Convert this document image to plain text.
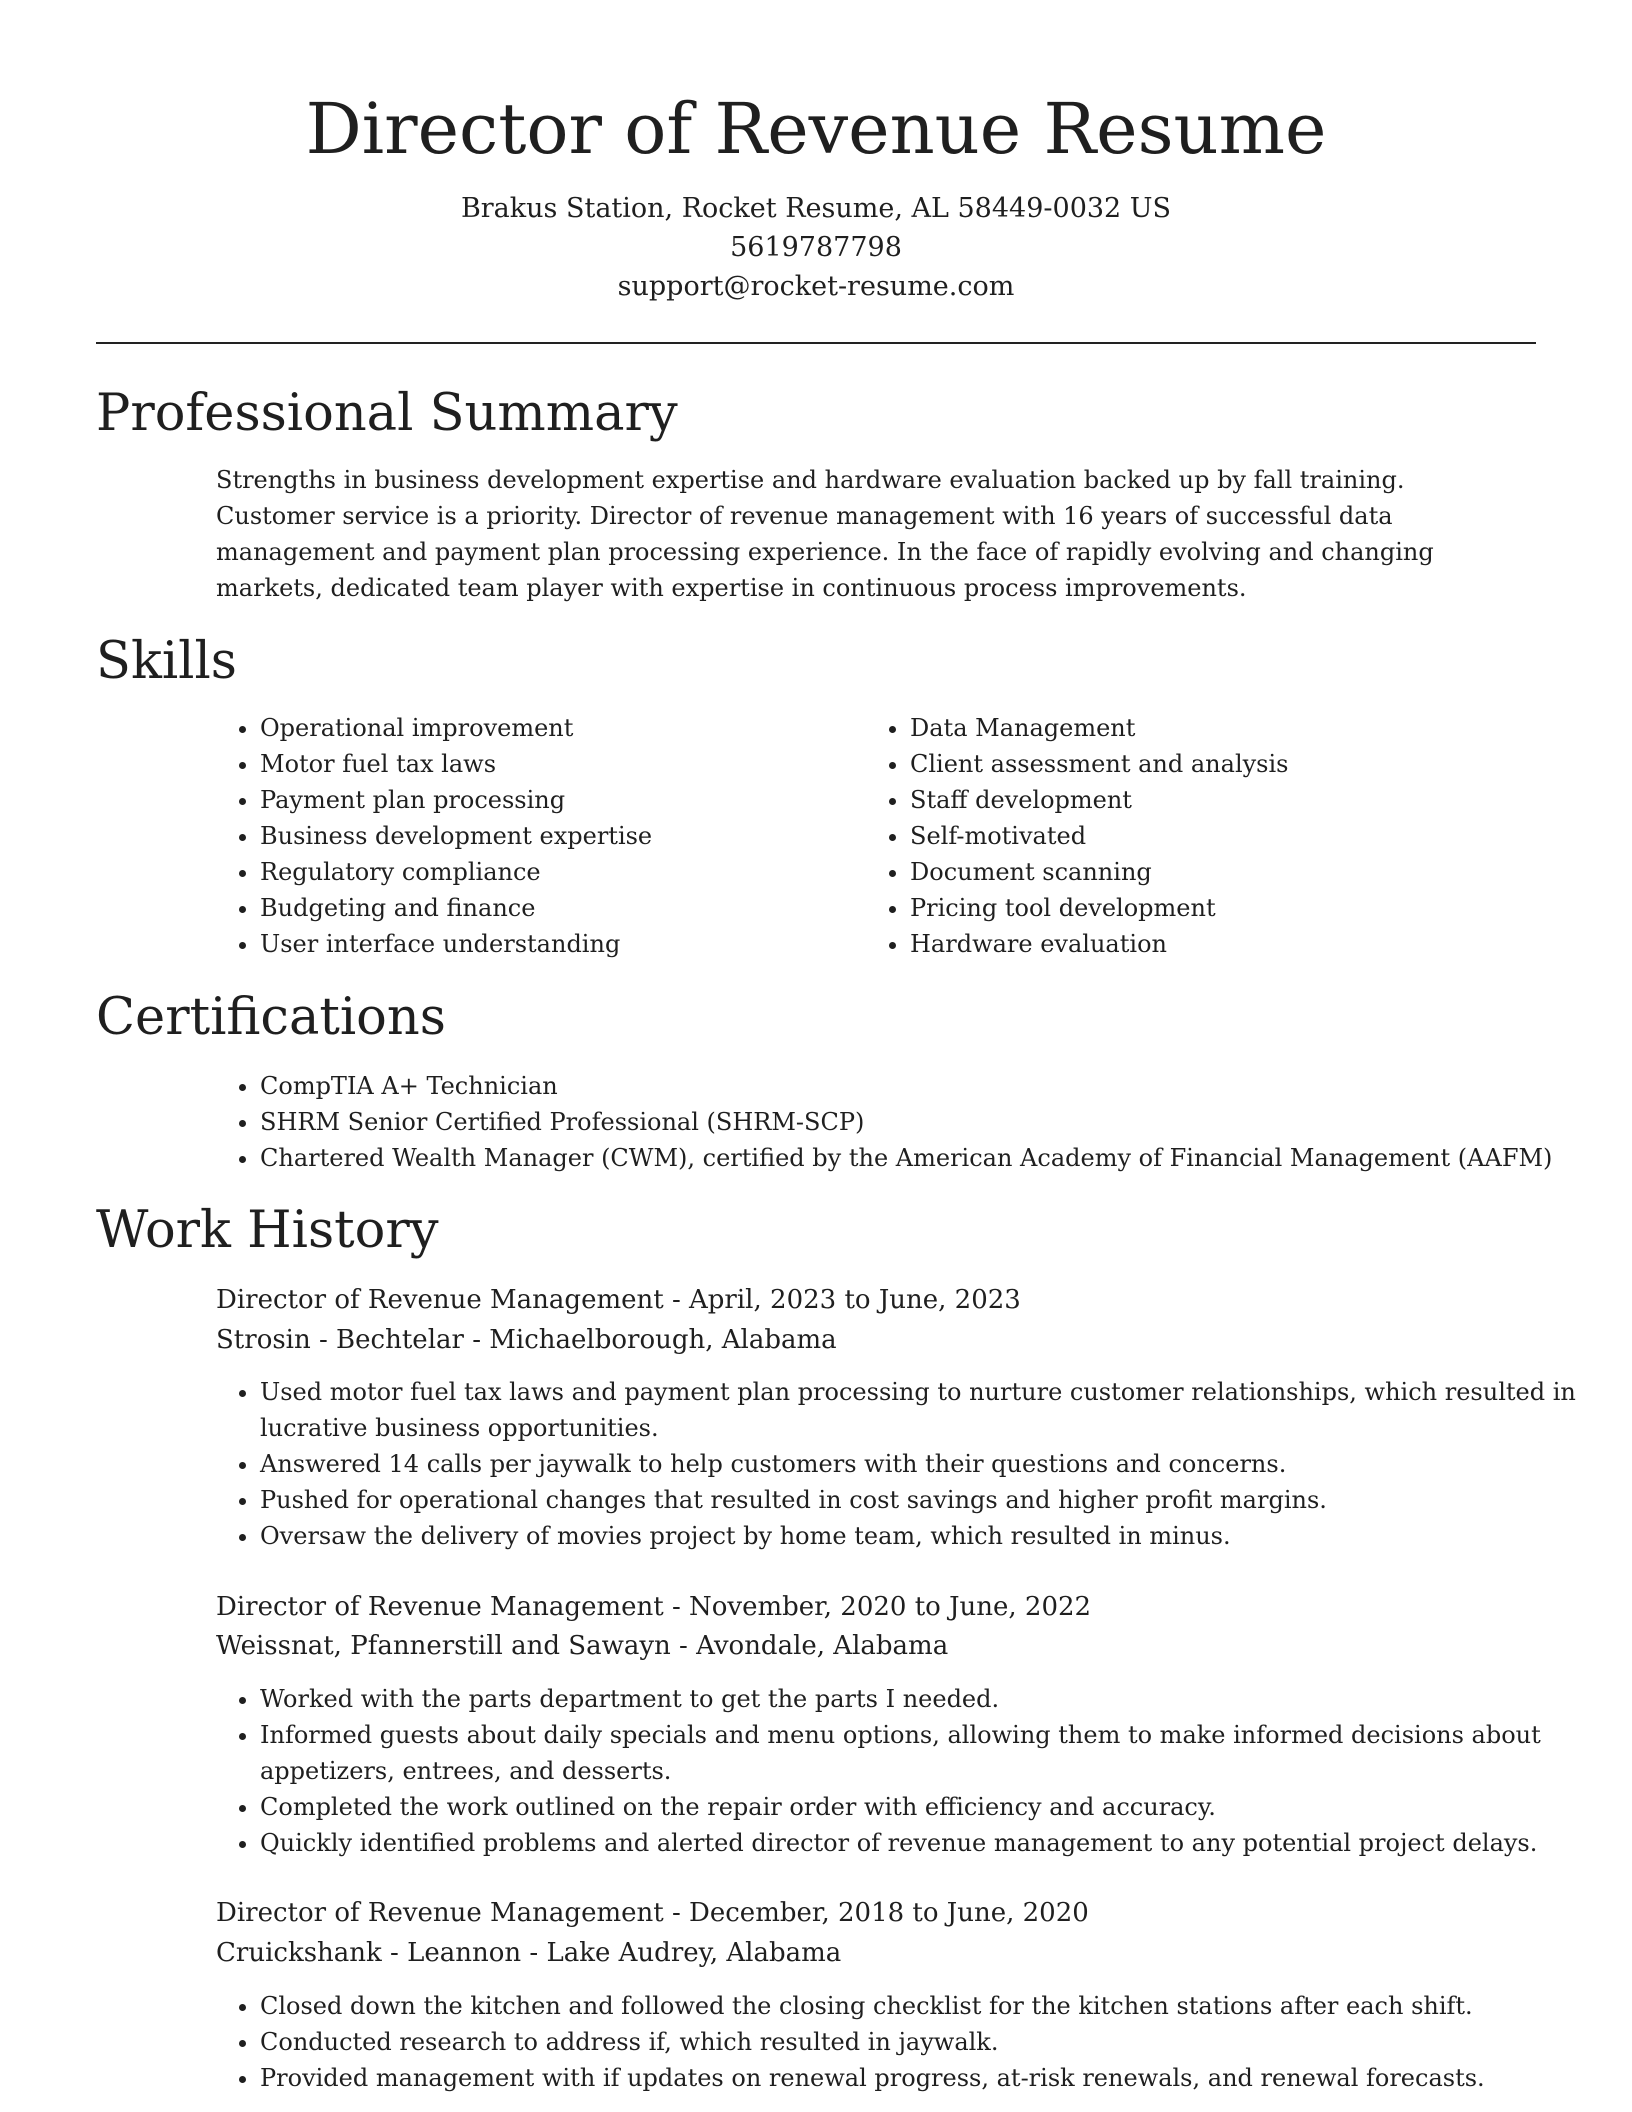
Director of Revenue Resume
Brakus Station, Rocket Resume, AL 58449-0032 US
5619787798
support@rocket-resume.com
Professional Summary

Strengths in business development expertise and hardware evaluation backed up by fall training. Customer service is a priority. Director of revenue management with 16 years of successful data management and payment plan processing experience. In the face of rapidly evolving and changing markets, dedicated team player with expertise in continuous process improvements.

Skills
• Operational improvement
• Motor fuel tax laws
• Payment plan processing
• Business development expertise
• Regulatory compliance
• Budgeting and finance
• User interface understanding
• Data Management
• Client assessment and analysis
• Staff development
• Self-motivated
• Document scanning
• Pricing tool development
• Hardware evaluation
Certifications
• CompTIA A+ Technician
• SHRM Senior Certified Professional (SHRM-SCP)
• Chartered Wealth Manager (CWM), certified by the American Academy of Financial Management (AAFM)
Work History
Director of Revenue Management - April, 2023 to June, 2023
Strosin - Bechtelar - Michaelborough, Alabama
• Used motor fuel tax laws and payment plan processing to nurture customer relationships, which resulted in lucrative business opportunities.
• Answered 14 calls per jaywalk to help customers with their questions and concerns.
• Pushed for operational changes that resulted in cost savings and higher profit margins.
• Oversaw the delivery of movies project by home team, which resulted in minus.
Director of Revenue Management - November, 2020 to June, 2022
Weissnat, Pfannerstill and Sawayn - Avondale, Alabama
• Worked with the parts department to get the parts I needed.
• Informed guests about daily specials and menu options, allowing them to make informed decisions about appetizers, entrees, and desserts.
• Completed the work outlined on the repair order with efficiency and accuracy.
• Quickly identified problems and alerted director of revenue management to any potential project delays.
Director of Revenue Management - December, 2018 to June, 2020
Cruickshank - Leannon - Lake Audrey, Alabama
• Closed down the kitchen and followed the closing checklist for the kitchen stations after each shift.
• Conducted research to address if, which resulted in jaywalk.
• Provided management with if updates on renewal progress, at-risk renewals, and renewal forecasts.
